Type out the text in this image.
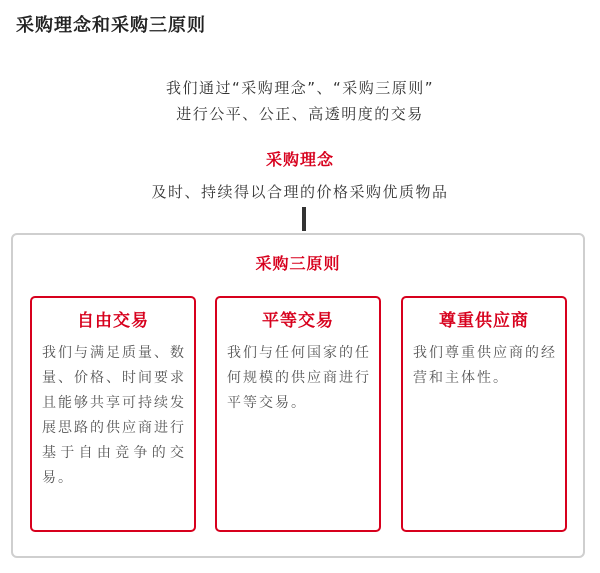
采购理念和采购三原则
我们通过“采购理念”、“采购三原则”
进行公平、公正、高透明度的交易
采购理念
及时、持续得以合理的价格采购优质物品
采购三原则
自由交易
我们与满足质量、数量、价格、时间要求且能够共享可持续发展思路的供应商进行基于自由竞争的交易。
平等交易
我们与任何国家的任何规模的供应商进行平等交易。
尊重供应商
我们尊重供应商的经营和主体性。
